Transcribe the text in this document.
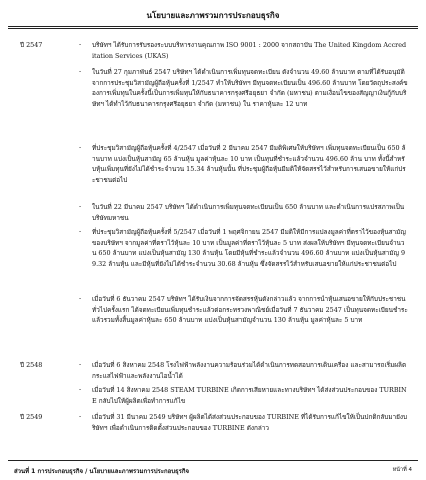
นโยบายและภาพรวมการประกอบธุรกิจ
ปี 2547	- บริษัทฯ ได้รับการรับรองระบบบริหารงานคุณภาพ ISO 9001 : 2000 จากสถาบัน The United Kingdom Accreditation Services (UKAS)
- ในวันที่ 27 กุมภาพันธ์ 2547 บริษัทฯ ได้ดำเนินการเพิ่มทุนจดทะเบียน ดังจำนวน 49.60 ล้านบาท ตามที่ได้รับอนุมัติจากการประชุมวิสามัญผู้ถือหุ้นครั้งที่ 1/2547 ทำให้บริษัทฯ มีทุนจดทะเบียนเป็น 496.60 ล้านบาท โดยวัตถุประสงค์ของการเพิ่มทุนในครั้งนี้เป็นการเพิ่มทุนให้กับธนาคารกรุงศรีอยุธยา จำกัด (มหาชน) ตามเงื่อนไขของสัญญาเงินกู้กับบริษัทฯ ได้ทำไว้กับธนาคารกรุงศรีอยุธยา จำกัด (มหาชน) ใน ราคาหุ้นละ 12 บาท
- ที่ประชุมวิสามัญผู้ถือหุ้นครั้งที่ 4/2547 เมื่อวันที่ 2 มีนาคม 2547 มีมติพิเศษให้บริษัทฯ เพิ่มทุนจดทะเบียนเป็น 650 ล้านบาท แบ่งเป็นหุ้นสามัญ 65 ล้านหุ้น มูลค่าหุ้นละ 10 บาท เป็นทุนที่ชำระแล้วจำนวน 496.60 ล้าน บาท ทั้งนี้สำหรับหุ้นเพิ่มทุนที่ยังไม่ได้ชำระจำนวน 15.34 ล้านหุ้นนั้น ที่ประชุมผู้ถือหุ้นมีมติให้จัดสรรไว้สำหรับการเสนอขายให้แก่ประชาชนต่อไป
- ในวันที่ 22 มีนาคม 2547 บริษัทฯ ได้ดำเนินการเพิ่มทุนจดทะเบียนเป็น 650 ล้านบาท และดำเนินการแปรสภาพเป็นบริษัทมหาชน
- ที่ประชุมวิสามัญผู้ถือหุ้นครั้งที่ 5/2547 เมื่อวันที่ 1 พฤศจิกายน 2547 มีมติให้มีการแปลงมูลค่าที่ตราไว้ของหุ้นสามัญของบริษัทฯ จากมูลค่าที่ตราไว้หุ้นละ 10 บาท เป็นมูลค่าที่ตราไว้หุ้นละ 5 บาท ส่งผลให้บริษัทฯ มีทุนจดทะเบียนจำนวน 650 ล้านบาท แบ่งเป็นหุ้นสามัญ 130 ล้านหุ้น โดยมีหุ้นที่ชำระแล้วจำนวน 496.60 ล้านบาท แบ่งเป็นหุ้นสามัญ 99.32 ล้านหุ้น และมีหุ้นที่ยังไม่ได้ชำระจำนวน 30.68 ล้านหุ้น ซึ่งจัดสรรไว้สำหรับเสนอขายให้แก่ประชาชนต่อไป
- เมื่อวันที่ 6 ธันวาคม 2547 บริษัทฯ ได้รับเงินจากการจัดสรรหุ้นดังกล่าวแล้ว จากการนำหุ้นเสนอขายให้กับประชาชนทั่วไปครั้งแรก ได้จดทะเบียนเพิ่มทุนชำระแล้วต่อกระทรวงพาณิชย์เมื่อวันที่ 7 ธันวาคม 2547 เป็นทุนจดทะเบียนชำระแล้วรวมทั้งสิ้นมูลค่าหุ้นละ 650 ล้านบาท แบ่งเป็นหุ้นสามัญจำนวน 130 ล้านหุ้น มูลค่าหุ้นละ 5 บาท
ปี 2548	- เมื่อวันที่ 6 สิงหาคม 2548 โรงไฟฟ้าพลังงานความร้อนร่วมได้ดำเนินการทดสอบการเดินเครื่อง และสามารถเริ่มผลิตกระแสไฟฟ้าและพลังงานไอน้ำได้
- เมื่อวันที่ 14 สิงหาคม 2548 STEAM TURBINE เกิดการเสียหายและทางบริษัทฯ ได้ส่งส่วนประกอบของ TURBINE กลับไปให้ผู้ผลิตเพื่อทำการแก้ไข
ปี 2549	- เมื่อวันที่ 31 มีนาคม 2549 บริษัทฯ ผู้ผลิตได้ส่งส่วนประกอบของ TURBINE ที่ได้รับการแก้ไขให้เป็นปกติกลับมายังบริษัทฯ เพื่อดำเนินการติดตั้งส่วนประกอบของ TURBINE ดังกล่าว
ส่วนที่ 1 การประกอบธุรกิจ / นโยบายและภาพรวมการประกอบธุรกิจ	หน้าที่ 4
